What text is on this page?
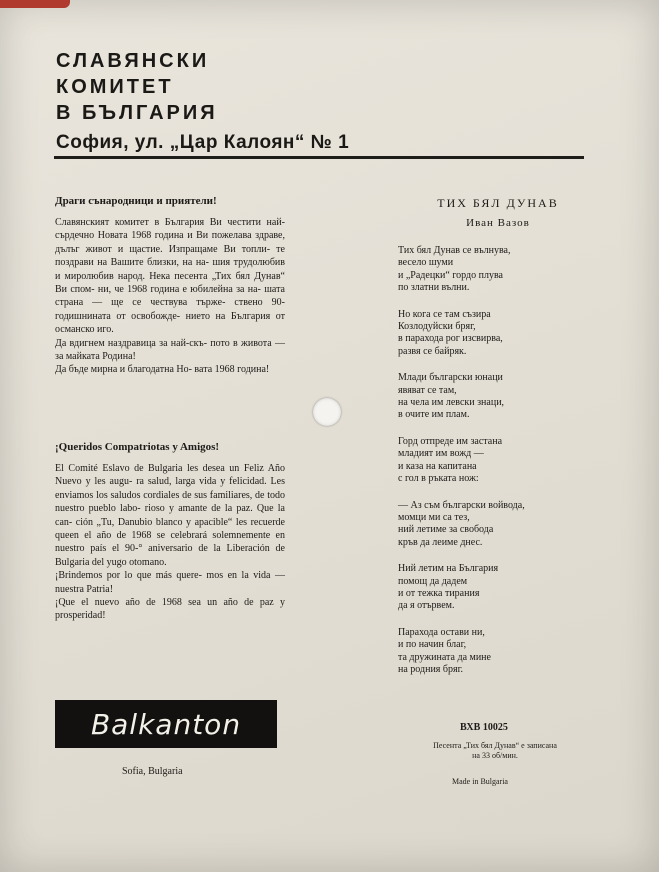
СЛАВЯНСКИ
КОМИТЕТ
В БЪЛГАРИЯ
София, ул. „Цар Калоян“ № 1

Драги сънародници и приятели!

Славянският комитет в България Ви честити най-сърдечно Новата 1968 година и Ви пожелава здраве, дълъг живот и щастие. Изпращаме Ви топли- те поздрави на Вашите близки, на на- шия трудолюбив и миролюбив народ. Нека песента „Тих бял Дунав“ Ви спом- ни, че 1968 година е юбилейна за на- шата страна — ще се чествува тържe- ствено 90-годишнината от освобожде- нието на България от османско иго.
Да вдигнем наздравица за най-скъ- пото в живота — за майката Родина!
Да бъде мирна и благодатна Но- вата 1968 година!

¡Queridos Compatriotas y Amigos!

El Comité Eslavo de Bulgaria les desea un Feliz Año Nuevo y les augu- ra salud, larga vida y felicidad. Les enviamos los saludos cordiales de sus familiares, de todo nuestro pueblo labo- rioso y amante de la paz. Que la can- ción „Tu, Danubio blanco y apacible“ les recuerde queen el año de 1968 se celebrará solemnemente en nuestro país el 90-° aniversario de la Liberación de Bulgaria del yugo otomano.
¡Brindemos por lo que más quere- mos en la vida — nuestra Patria!
¡Que el nuevo año de 1968 sea un año de paz y prosperidad!

Balkanton
Sofia, Bulgaria

ТИХ БЯЛ ДУНАВ

Иван Вазов

Тих бял Дунав се вълнува,
весело шуми
и „Радецки“ гордо плува
по златни вълни.

Но кога се там съзира
Козлодуйски бряг,
в парахода рог изсвирва,
развя се байряк.

Млади български юнаци
явяват се там,
на чела им левски знаци,
в очите им плам.

Горд отпреде им застана
младият им вожд —
и каза на капитана
с гол в ръката нож:

— Аз съм български войвода,
момци ми са тез,
ний летиме за свобода
кръв да леиме днес.

Ний летим на България
помощ да дадем
и от тежка тирания
да я отървем.

Парахода остави ни,
и по начин благ,
та дружината да мине
на родния бряг.

ВХВ 10025
Песента „Тих бял Дунав“ е записана
на 33 об/мин.
Made in Bulgaria
